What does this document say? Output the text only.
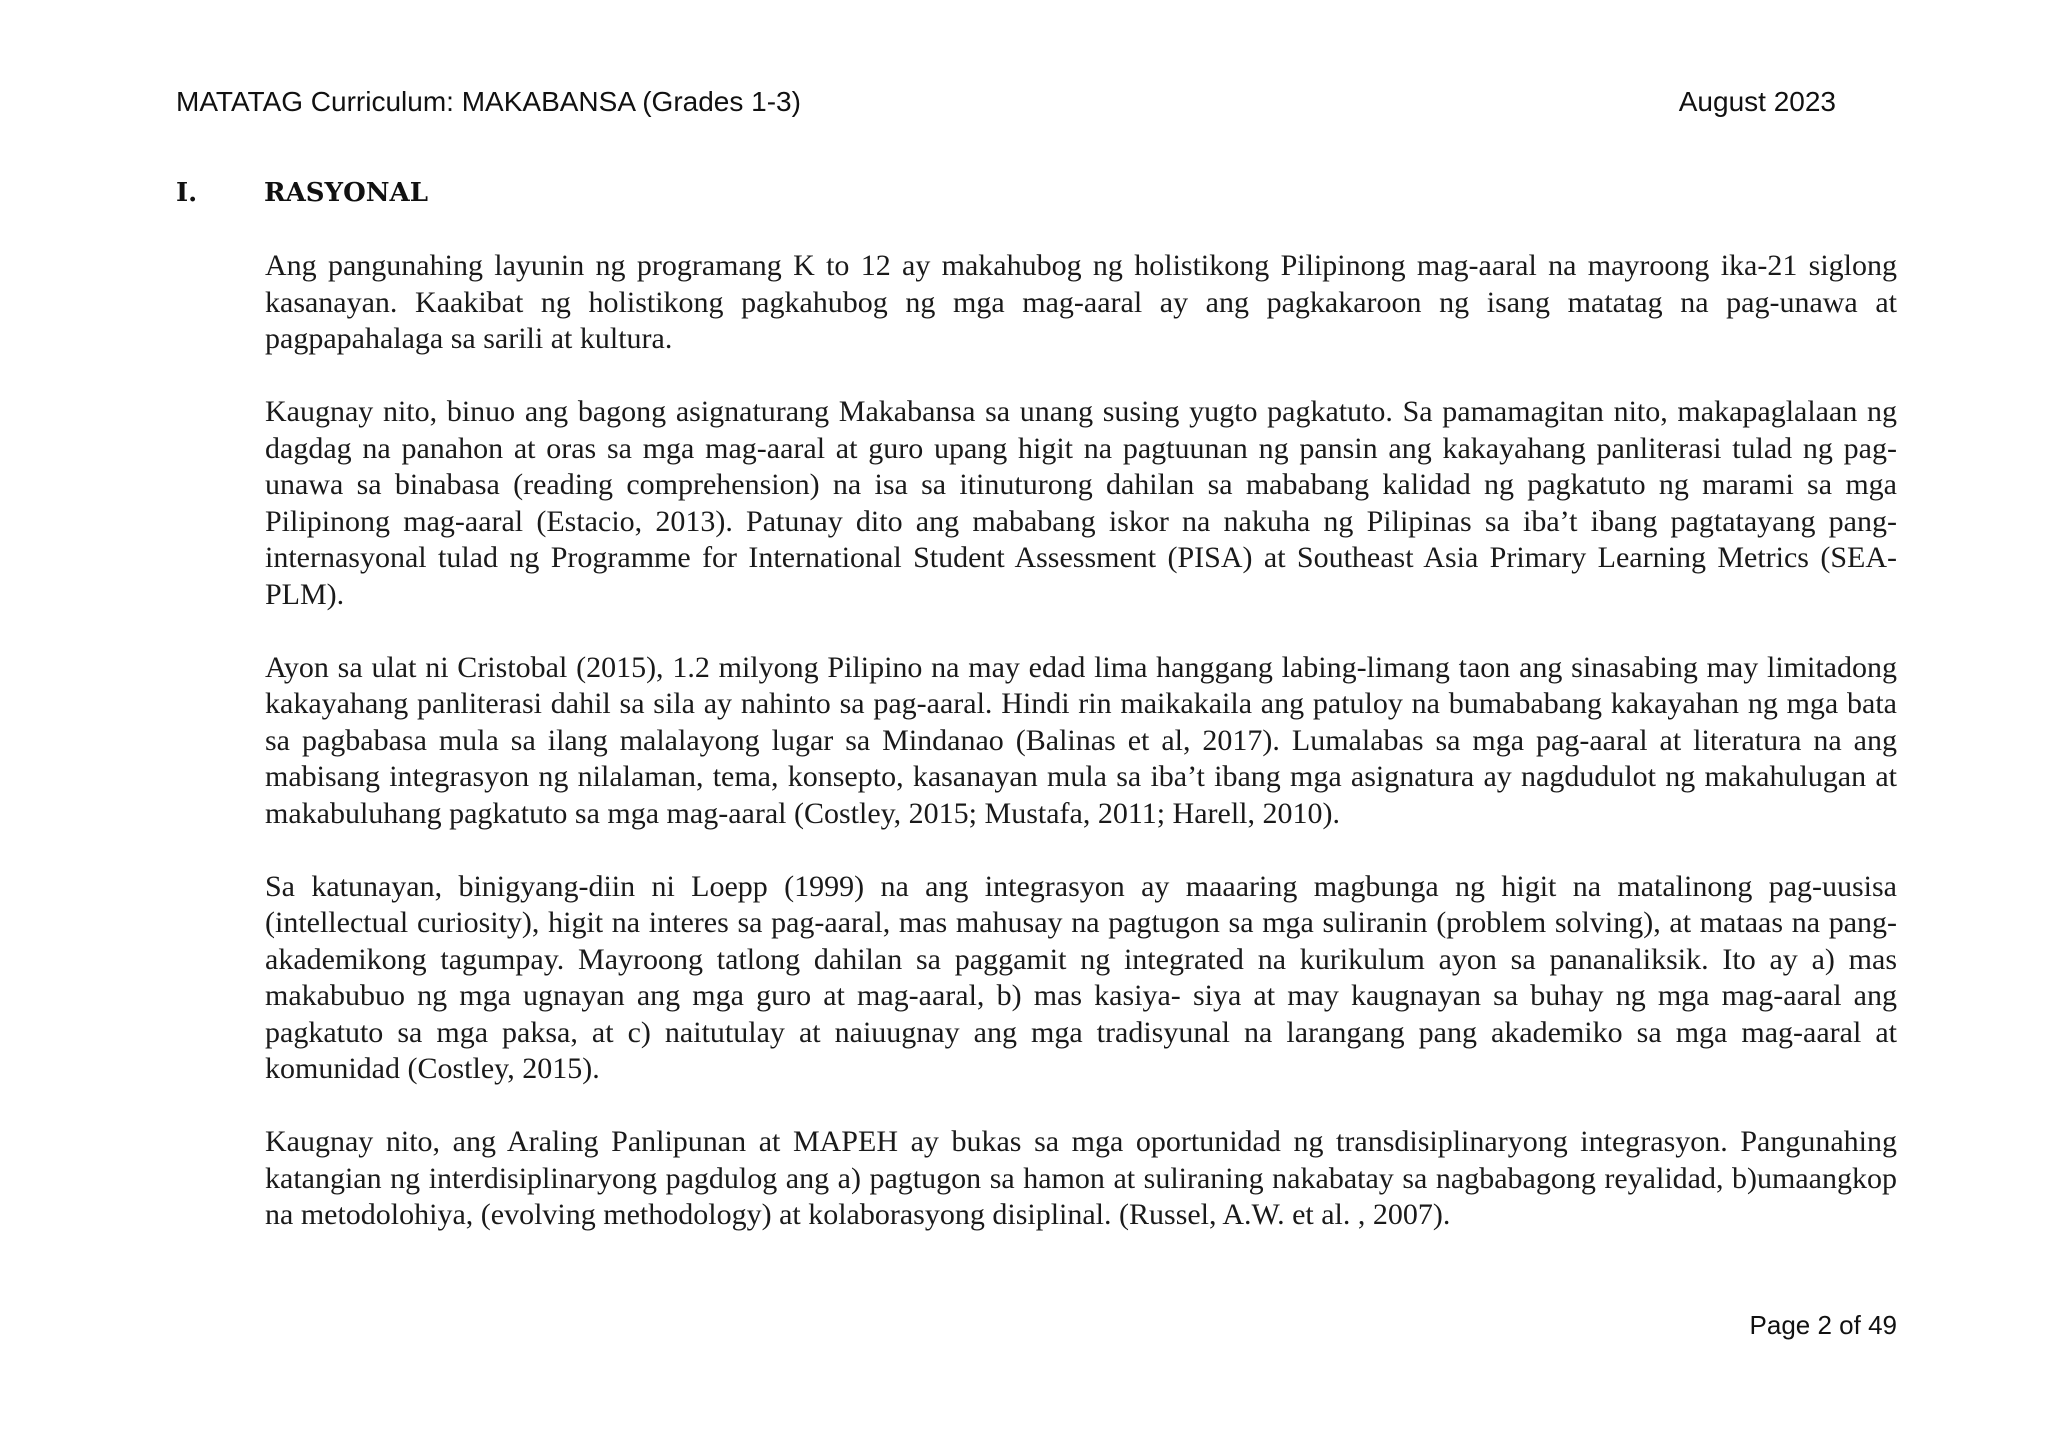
MATATAG Curriculum: MAKABANSA (Grades 1-3)	August 2023
I.	RASYONAL

Ang pangunahing layunin ng programang K to 12 ay makahubog ng holistikong Pilipinong mag-aaral na mayroong ika-21 siglong kasanayan. Kaakibat ng holistikong pagkahubog ng mga mag-aaral ay ang pagkakaroon ng isang matatag na pag-unawa at pagpapahalaga sa sarili at kultura.

Kaugnay nito, binuo ang bagong asignaturang Makabansa sa unang susing yugto pagkatuto. Sa pamamagitan nito, makapaglalaan ng dagdag na panahon at oras sa mga mag-aaral at guro upang higit na pagtuunan ng pansin ang kakayahang panliterasi tulad ng pag-unawa sa binabasa (reading comprehension) na isa sa itinuturong dahilan sa mababang kalidad ng pagkatuto ng marami sa mga Pilipinong mag-aaral (Estacio, 2013). Patunay dito ang mababang iskor na nakuha ng Pilipinas sa iba’t ibang pagtatayang pang-internasyonal tulad ng Programme for International Student Assessment (PISA) at Southeast Asia Primary Learning Metrics (SEA-PLM).

Ayon sa ulat ni Cristobal (2015), 1.2 milyong Pilipino na may edad lima hanggang labing-limang taon ang sinasabing may limitadong kakayahang panliterasi dahil sa sila ay nahinto sa pag-aaral. Hindi rin maikakaila ang patuloy na bumababang kakayahan ng mga bata sa pagbabasa mula sa ilang malalayong lugar sa Mindanao (Balinas et al, 2017). Lumalabas sa mga pag-aaral at literatura na ang mabisang integrasyon ng nilalaman, tema, konsepto, kasanayan mula sa iba’t ibang mga asignatura ay nagdudulot ng makahulugan at makabuluhang pagkatuto sa mga mag-aaral (Costley, 2015; Mustafa, 2011; Harell, 2010).

Sa katunayan, binigyang-diin ni Loepp (1999) na ang integrasyon ay maaaring magbunga ng higit na matalinong pag-uusisa (intellectual curiosity), higit na interes sa pag-aaral, mas mahusay na pagtugon sa mga suliranin (problem solving), at mataas na pang-akademikong tagumpay. Mayroong tatlong dahilan sa paggamit ng integrated na kurikulum ayon sa pananaliksik. Ito ay a) mas makabubuo ng mga ugnayan ang mga guro at mag-aaral, b) mas kasiya- siya at may kaugnayan sa buhay ng mga mag-aaral ang pagkatuto sa mga paksa, at c) naitutulay at naiuugnay ang mga tradisyunal na larangang pang akademiko sa mga mag-aaral at komunidad (Costley, 2015).

Kaugnay nito, ang Araling Panlipunan at MAPEH ay bukas sa mga oportunidad ng transdisiplinaryong integrasyon. Pangunahing katangian ng interdisiplinaryong pagdulog ang a) pagtugon sa hamon at suliraning nakabatay sa nagbabagong reyalidad, b)umaangkop na metodolohiya, (evolving methodology) at kolaborasyong disiplinal. (Russel, A.W. et al. , 2007).

Page 2 of 49
